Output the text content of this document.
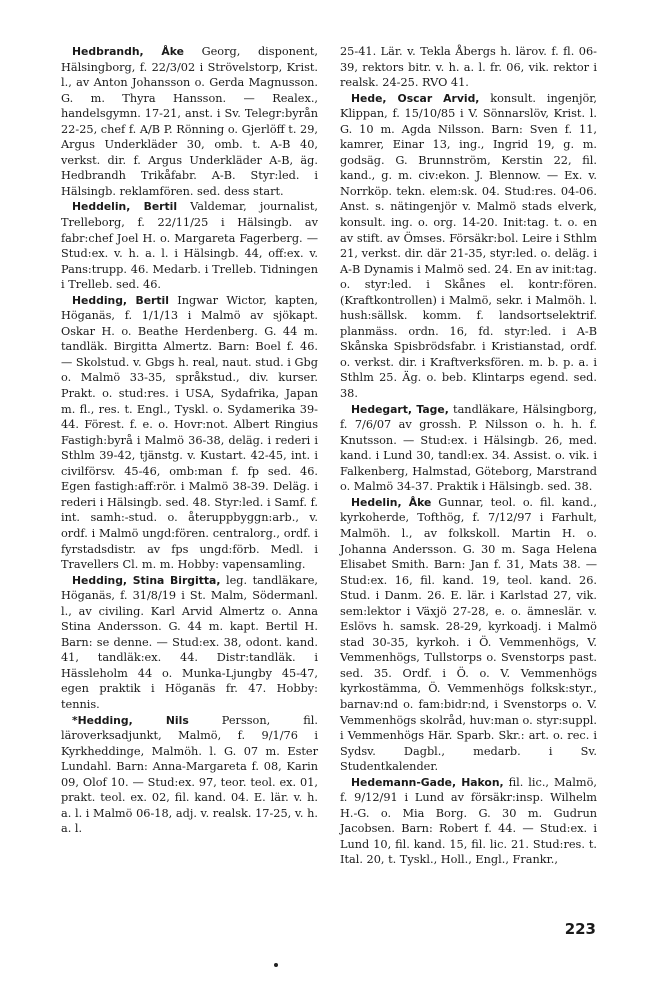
Hedbrandh, Åke Georg, disponent, Hälsingborg, f. 22/3/02 i Strövelstorp, Krist. l., av Anton Johansson o. Gerda Magnusson. G. m. Thyra Hansson. — Realex., handelsgymn. 17-21, anst. i Sv. Telegr:byrån 22-25, chef f. A/B P. Rönning o. Gjerlöff t. 29, Argus Underkläder 30, omb. t. A-B 40, verkst. dir. f. Argus Underkläder A-B, äg. Hedbrandh Trikåfabr. A-B. Styr:led. i Hälsingb. reklamfören. sed. dess start.

Heddelin, Bertil Valdemar, journalist, Trelleborg, f. 22/11/25 i Hälsingb. av fabr:chef Joel H. o. Margareta Fagerberg. — Stud:ex. v. h. a. l. i Hälsingb. 44, off:ex. v. Pans:trupp. 46. Medarb. i Trelleb. Tidningen i Trelleb. sed. 46.

Hedding, Bertil Ingwar Wictor, kapten, Höganäs, f. 1/1/13 i Malmö av sjökapt. Oskar H. o. Beathe Herdenberg. G. 44 m. tandläk. Birgitta Almertz. Barn: Boel f. 46. — Skolstud. v. Gbgs h. real, naut. stud. i Gbg o. Malmö 33-35, språkstud., div. kurser. Prakt. o. stud:res. i USA, Sydafrika, Japan m. fl., res. t. Engl., Tyskl. o. Sydamerika 39-44. Förest. f. e. o. Hovr:not. Albert Ringius Fastigh:byrå i Malmö 36-38, deläg. i rederi i Sthlm 39-42, tjänstg. v. Kustart. 42-45, int. i civilförsv. 45-46, omb:man f. fp sed. 46. Egen fastigh:aff:rör. i Malmö 38-39. Deläg. i rederi i Hälsingb. sed. 48. Styr:led. i Samf. f. int. samh:-stud. o. återuppbyggn:arb., v. ordf. i Malmö ungd:fören. centralorg., ordf. i fyrstadsdistr. av fps ungd:förb. Medl. i Travellers Cl. m. m. Hobby: vapensamling.

Hedding, Stina Birgitta, leg. tandläkare, Höganäs, f. 31/8/19 i St. Malm, Södermanl. l., av civiling. Karl Arvid Almertz o. Anna Stina Andersson. G. 44 m. kapt. Bertil H. Barn: se denne. — Stud:ex. 38, odont. kand. 41, tandläk:ex. 44. Distr:tandläk. i Hässleholm 44 o. Munka-Ljungby 45-47, egen praktik i Höganäs fr. 47. Hobby: tennis.

*Hedding, Nils Persson, fil. läroverksadjunkt, Malmö, f. 9/1/76 i Kyrkheddinge, Malmöh. l. G. 07 m. Ester Lundahl. Barn: Anna-Margareta f. 08, Karin 09, Olof 10. — Stud:ex. 97, teor. teol. ex. 01, prakt. teol. ex. 02, fil. kand. 04. E. lär. v. h. a. l. i Malmö 06-18, adj. v. realsk. 17-25, v. h. a. l.

25-41. Lär. v. Tekla Åbergs h. lärov. f. fl. 06-39, rektors bitr. v. h. a. l. fr. 06, vik. rektor i realsk. 24-25. RVO 41.

Hede, Oscar Arvid, konsult. ingenjör, Klippan, f. 15/10/85 i V. Sönnarslöv, Krist. l. G. 10 m. Agda Nilsson. Barn: Sven f. 11, kamrer, Einar 13, ing., Ingrid 19, g. m. godsäg. G. Brunnström, Kerstin 22, fil. kand., g. m. civ:ekon. J. Blennow. — Ex. v. Norrköp. tekn. elem:sk. 04. Stud:res. 04-06. Anst. s. nätingenjör v. Malmö stads elverk, konsult. ing. o. org. 14-20. Init:tag. t. o. en av stift. av Ömses. Försäkr:bol. Leire i Sthlm 21, verkst. dir. där 21-35, styr:led. o. deläg. i A-B Dynamis i Malmö sed. 24. En av init:tag. o. styr:led. i Skånes el. kontr:fören. (Kraftkontrollen) i Malmö, sekr. i Malmöh. l. hush:sällsk. komm. f. landsortselektrif. planmäss. ordn. 16, fd. styr:led. i A-B Skånska Spisbrödsfabr. i Kristianstad, ordf. o. verkst. dir. i Kraftverksfören. m. b. p. a. i Sthlm 25. Äg. o. beb. Klintarps egend. sed. 38.

Hedegart, Tage, tandläkare, Hälsingborg, f. 7/6/07 av grossh. P. Nilsson o. h. h. f. Knutsson. — Stud:ex. i Hälsingb. 26, med. kand. i Lund 30, tandl:ex. 34. Assist. o. vik. i Falkenberg, Halmstad, Göteborg, Marstrand o. Malmö 34-37. Praktik i Hälsingb. sed. 38.

Hedelin, Åke Gunnar, teol. o. fil. kand., kyrkoherde, Tofthög, f. 7/12/97 i Farhult, Malmöh. l., av folkskoll. Martin H. o. Johanna Andersson. G. 30 m. Saga Helena Elisabet Smith. Barn: Jan f. 31, Mats 38. — Stud:ex. 16, fil. kand. 19, teol. kand. 26. Stud. i Danm. 26. E. lär. i Karlstad 27, vik. sem:lektor i Växjö 27-28, e. o. ämneslär. v. Eslövs h. samsk. 28-29, kyrkoadj. i Malmö stad 30-35, kyrkoh. i Ö. Vemmenhögs, V. Vemmenhögs, Tullstorps o. Svenstorps past. sed. 35. Ordf. i Ö. o. V. Vemmenhögs kyrkostämma, Ö. Vemmenhögs folksk:styr., barnav:nd o. fam:bidr:nd, i Svenstorps o. V. Vemmenhögs skolråd, huv:man o. styr:suppl. i Vemmenhögs Här. Sparb. Skr.: art. o. rec. i Sydsv. Dagbl., medarb. i Sv. Studentkalender.

Hedemann-Gade, Hakon, fil. lic., Malmö, f. 9/12/91 i Lund av försäkr:insp. Wilhelm H.-G. o. Mia Borg. G. 30 m. Gudrun Jacobsen. Barn: Robert f. 44. — Stud:ex. i Lund 10, fil. kand. 15, fil. lic. 21. Stud:res. t. Ital. 20, t. Tyskl., Holl., Engl., Frankr.,

223
